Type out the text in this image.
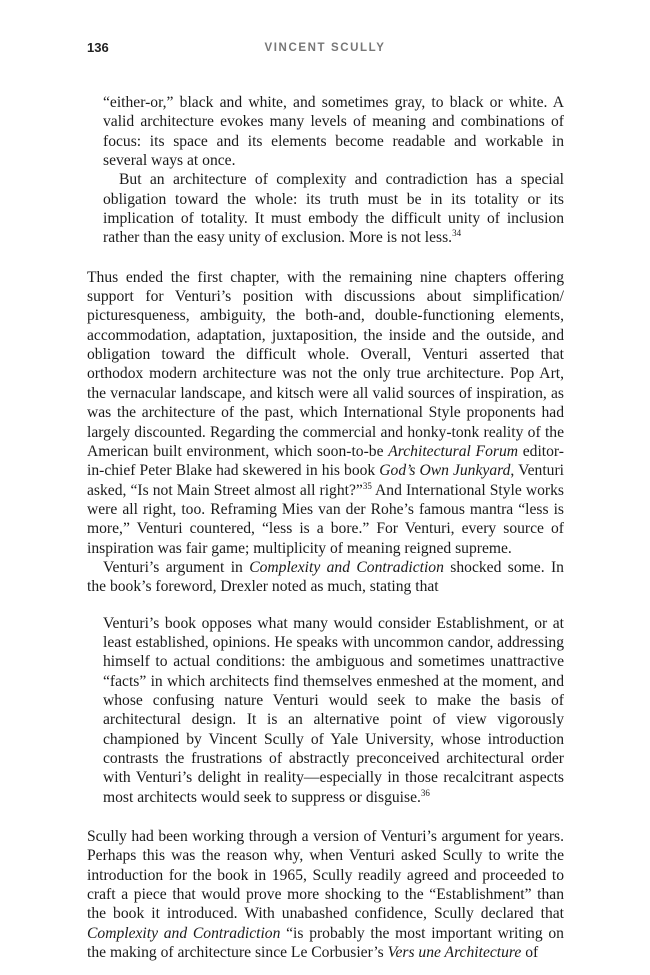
136	VINCENT SCULLY

“either-or,” black and white, and sometimes gray, to black or white. A valid architecture evokes many levels of meaning and combinations of focus: its space and its elements become readable and workable in several ways at once.

But an architecture of complexity and contradiction has a special obligation toward the whole: its truth must be in its totality or its implication of totality. It must embody the difficult unity of inclusion rather than the easy unity of exclusion. More is not less.$^{34}$

Thus ended the first chapter, with the remaining nine chapters offering support for Venturi’s position with discussions about simplification/ picturesqueness, ambiguity, the both-and, double-functioning elements, accommodation, adaptation, juxtaposition, the inside and the outside, and obligation toward the difficult whole. Overall, Venturi asserted that orthodox modern architecture was not the only true architecture. Pop Art, the vernacular landscape, and kitsch were all valid sources of inspiration, as was the architecture of the past, which International Style proponents had largely discounted. Regarding the commercial and honky-tonk reality of the American built environment, which soon-to-be Architectural Forum editor-in-chief Peter Blake had skewered in his book God’s Own Junkyard, Venturi asked, “Is not Main Street almost all right?”$^{35}$ And International Style works were all right, too. Reframing Mies van der Rohe’s famous mantra “less is more,” Venturi countered, “less is a bore.” For Venturi, every source of inspiration was fair game; multiplicity of meaning reigned supreme.

Venturi’s argument in Complexity and Contradiction shocked some. In the book’s foreword, Drexler noted as much, stating that

Venturi’s book opposes what many would consider Establishment, or at least established, opinions. He speaks with uncommon candor, addressing himself to actual conditions: the ambiguous and sometimes unattractive “facts” in which architects find themselves enmeshed at the moment, and whose confusing nature Venturi would seek to make the basis of architectural design. It is an alternative point of view vigorously championed by Vincent Scully of Yale University, whose introduction contrasts the frustrations of abstractly preconceived architectural order with Venturi’s delight in reality—especially in those recalcitrant aspects most architects would seek to suppress or disguise.$^{36}$

Scully had been working through a version of Venturi’s argument for years. Perhaps this was the reason why, when Venturi asked Scully to write the introduction for the book in 1965, Scully readily agreed and proceeded to craft a piece that would prove more shocking to the “Establishment” than the book it introduced. With unabashed confidence, Scully declared that Complexity and Contradiction “is probably the most important writing on the making of architecture since Le Corbusier’s Vers une Architecture of
